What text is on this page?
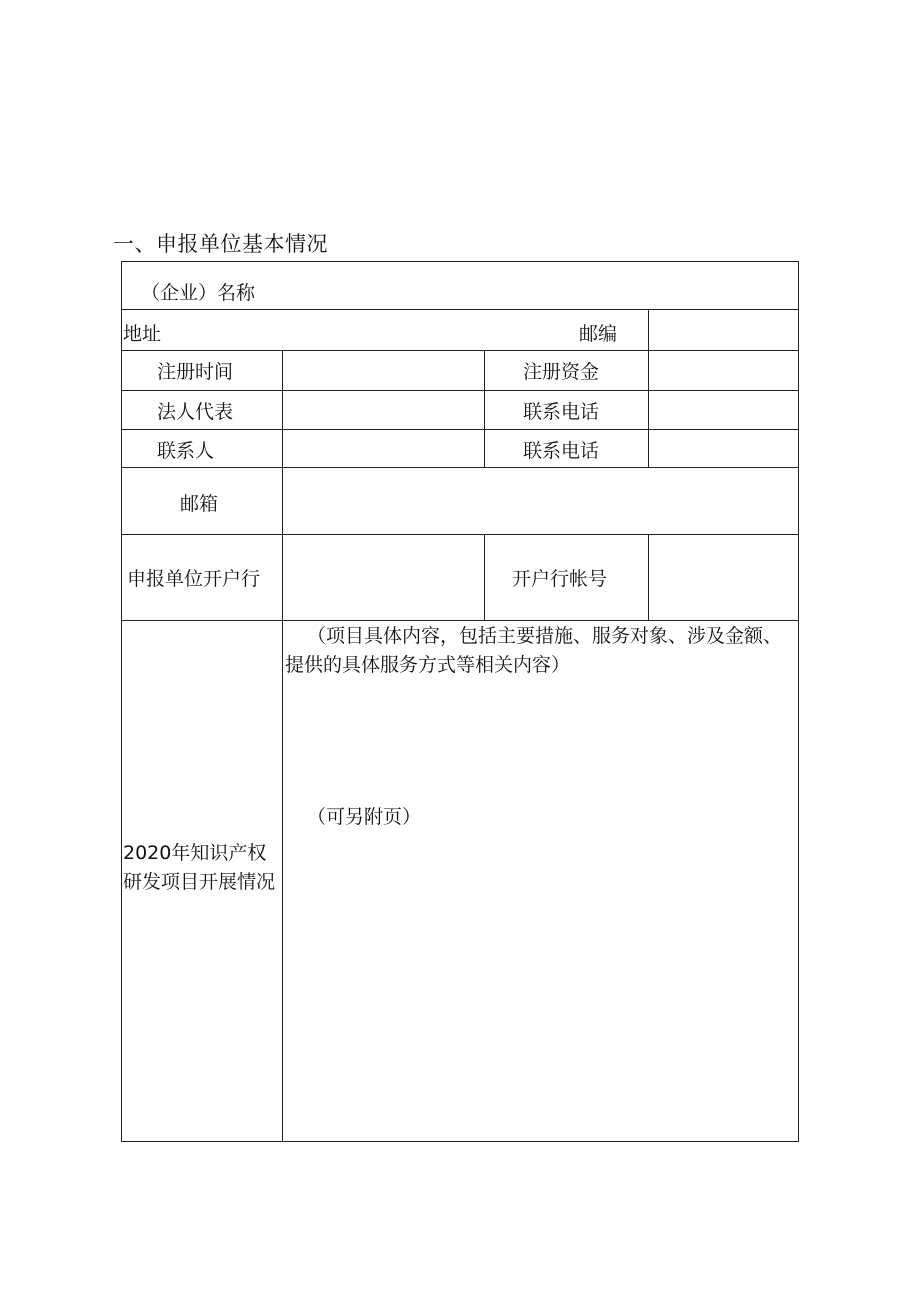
一、申报单位基本情况
（企业）名称
地址	邮编
注册时间	注册资金
法人代表	联系电话
联系人	联系电话
邮箱
申报单位开户行	开户行帐号
2020年知识产权研发项目开展情况
（项目具体内容，包括主要措施、服务对象、涉及金额、提供的具体服务方式等相关内容）
（可另附页）
